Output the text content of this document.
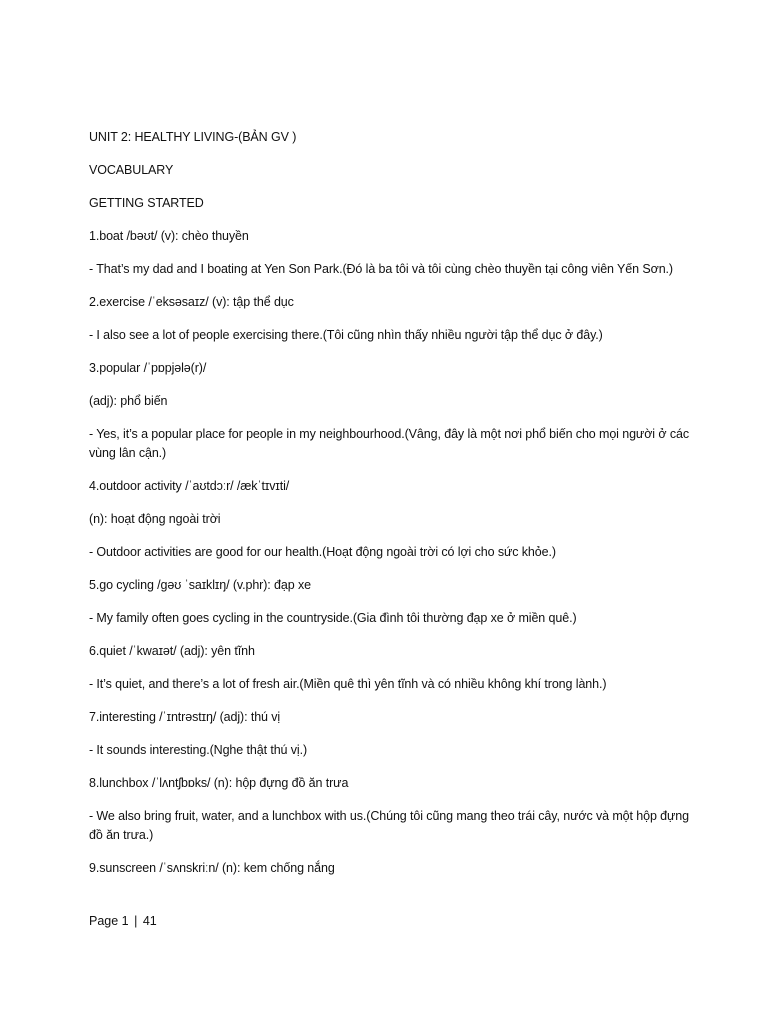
UNIT 2: HEALTHY LIVING-(BẢN GV )

VOCABULARY

GETTING STARTED

1.boat /bəʊt/ (v): chèo thuyền

- That’s my dad and I boating at Yen Son Park.(Đó là ba tôi và tôi cùng chèo thuyền tại công viên Yến Sơn.)

2.exercise /ˈeksəsaɪz/ (v): tập thể dục

- I also see a lot of people exercising there.(Tôi cũng nhìn thấy nhiều người tập thể dục ở đây.)

3.popular /ˈpɒpjələ(r)/

(adj): phổ biến

- Yes, it’s a popular place for people in my neighbourhood.(Vâng, đây là một nơi phổ biến cho mọi người ở các vùng lân cận.)

4.outdoor activity /ˈaʊtdɔːr/ /ækˈtɪvɪti/

(n): hoạt động ngoài trời

- Outdoor activities are good for our health.(Hoạt động ngoài trời có lợi cho sức khỏe.)

5.go cycling /ɡəʊ ˈsaɪklɪŋ/ (v.phr): đạp xe

- My family often goes cycling in the countryside.(Gia đình tôi thường đạp xe ở miền quê.)

6.quiet /ˈkwaɪət/ (adj): yên tĩnh

- It’s quiet, and there’s a lot of fresh air.(Miền quê thì yên tĩnh và có nhiều không khí trong lành.)

7.interesting /ˈɪntrəstɪŋ/ (adj): thú vị

- It sounds interesting.(Nghe thật thú vị.)

8.lunchbox /ˈlʌntʃbɒks/ (n): hộp đựng đồ ăn trưa

- We also bring fruit, water, and a lunchbox with us.(Chúng tôi cũng mang theo trái cây, nước và một hộp đựng đồ ăn trưa.)

9.sunscreen /ˈsʌnskriːn/ (n): kem chống nắng

Page 1 | 41
